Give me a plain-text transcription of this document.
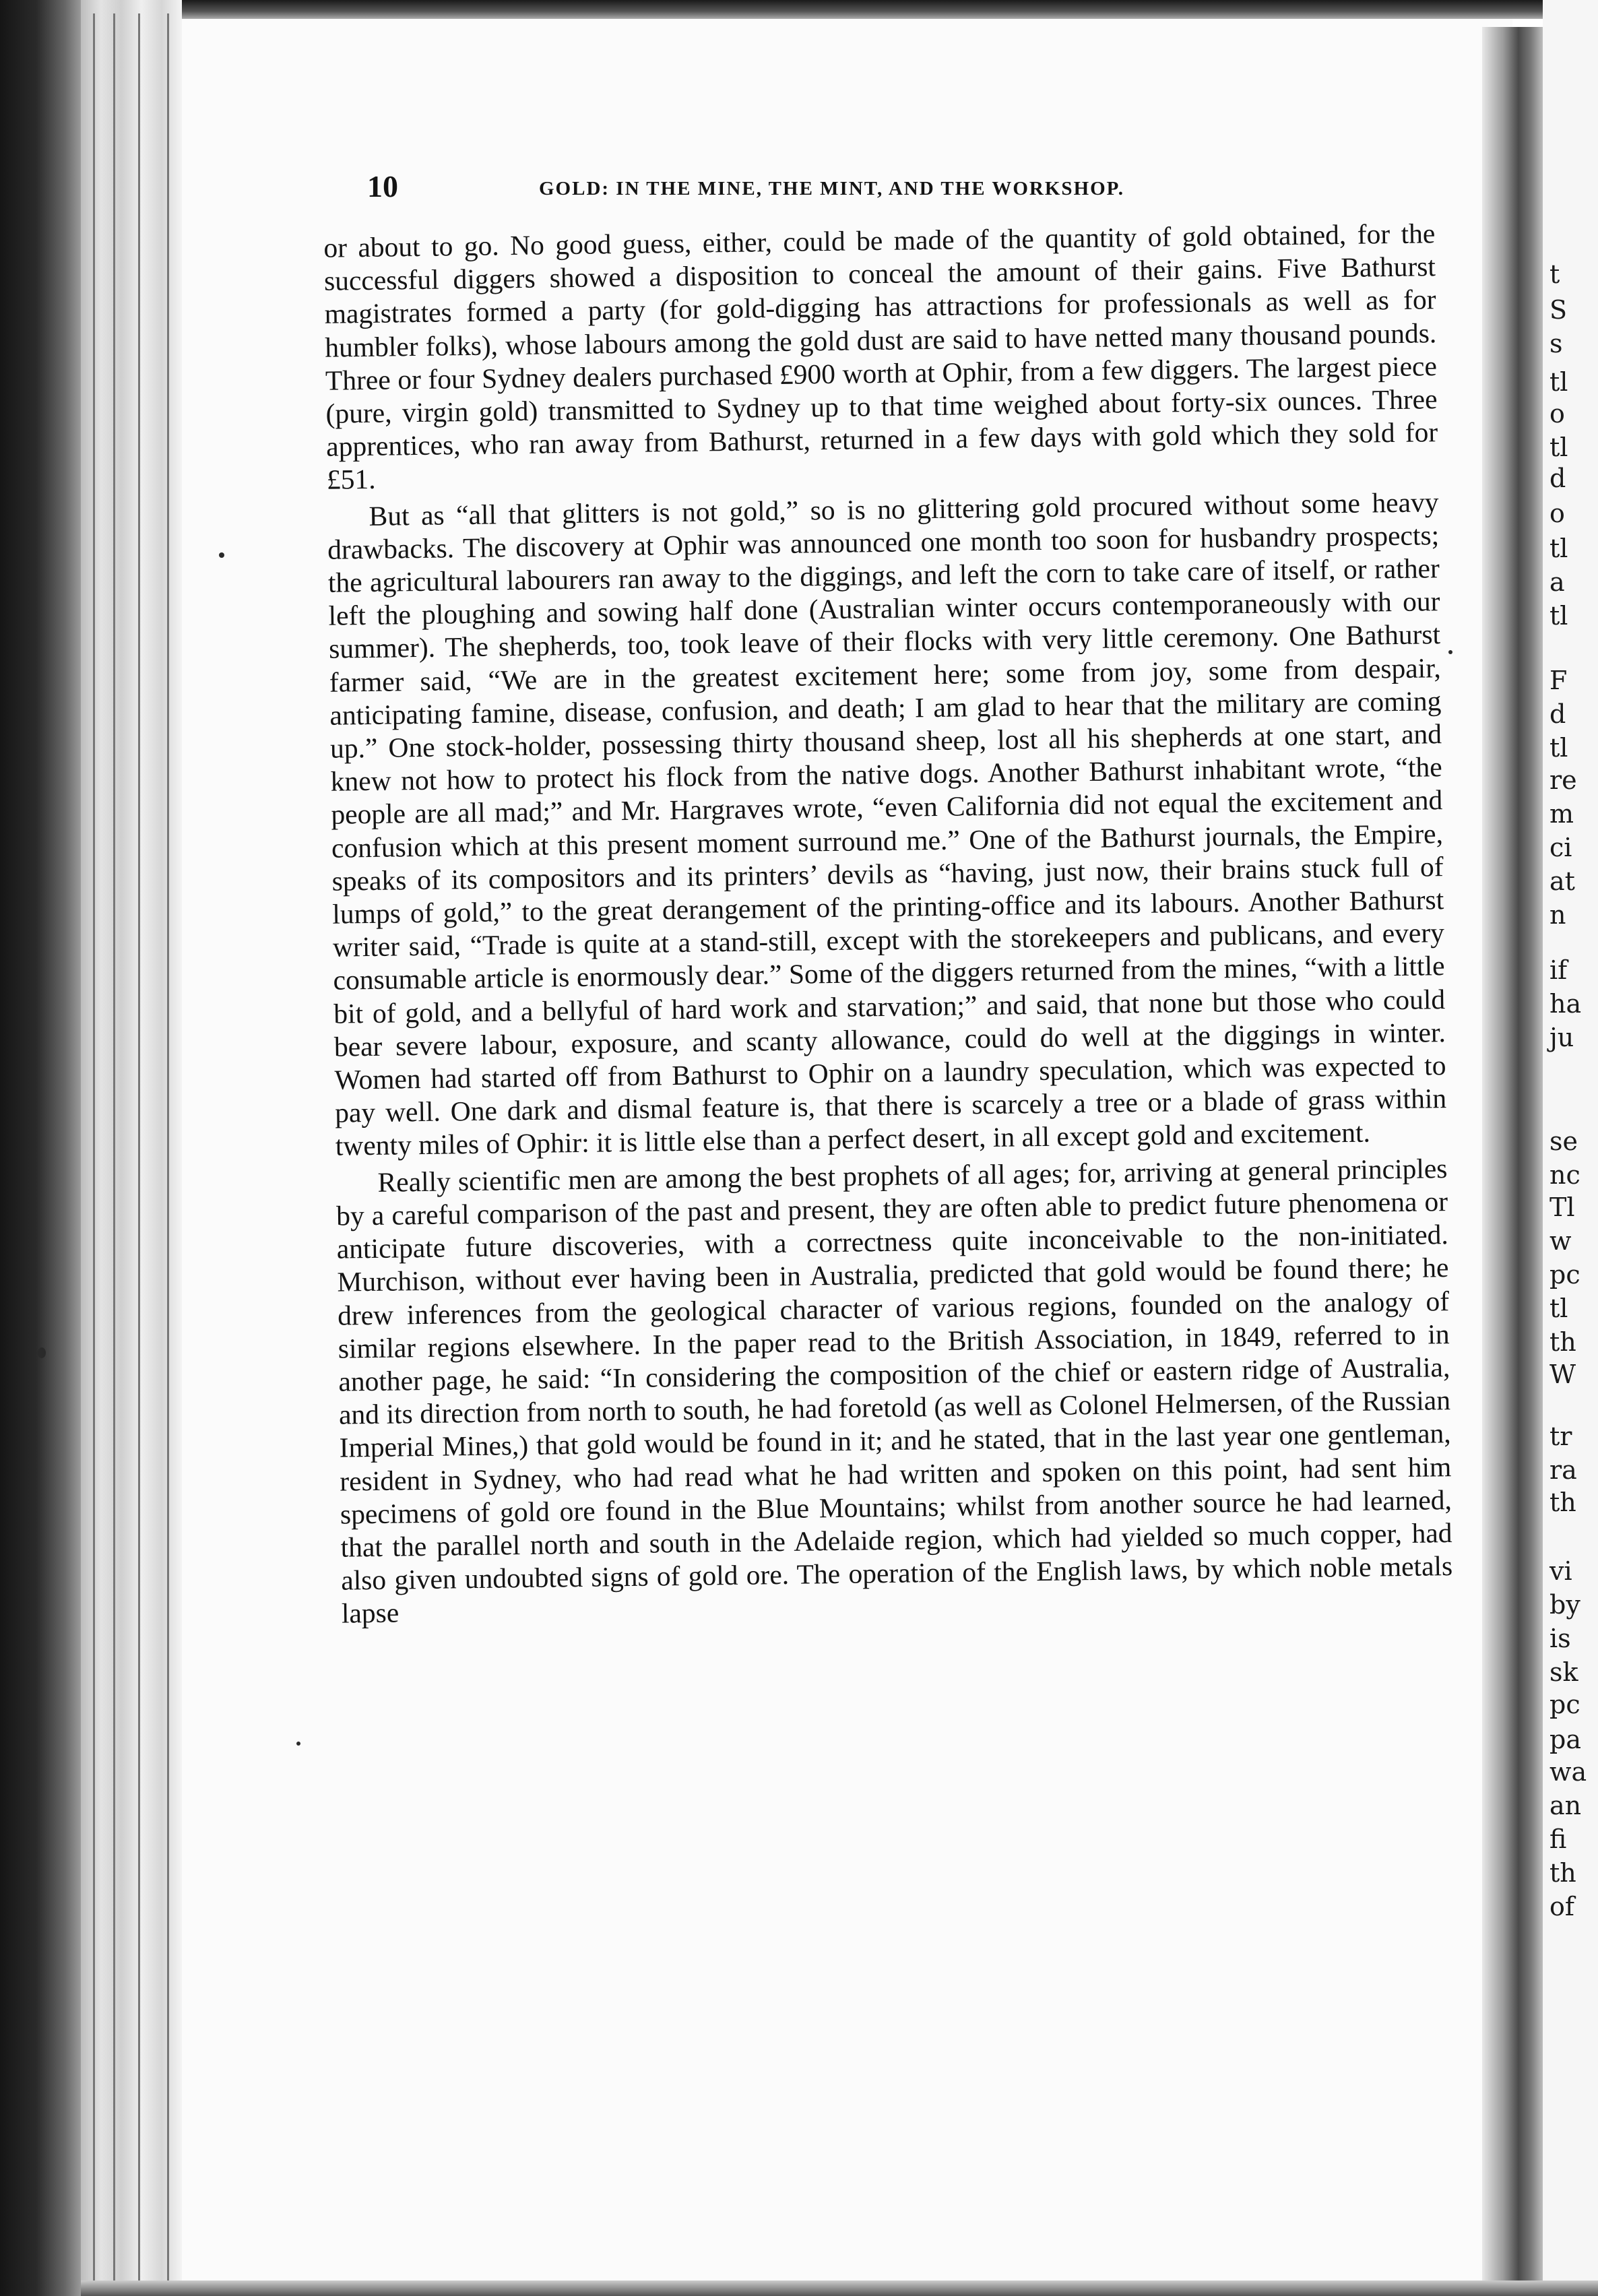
t
S
s
tl
o
tl
d
o
tl
a
tl
F
d
tl
re
m
ci
at
n
if
ha
ju
se
nc
Tl
w
pc
tl
th
W
tr
ra
th
vi
by
is
sk
pc
pa
wa
an
fi
th
of
10	GOLD: IN THE MINE, THE MINT, AND THE WORKSHOP.

or about to go. No good guess, either, could be made of the quantity of gold obtained, for the successful diggers showed a disposition to conceal the amount of their gains. Five Bathurst magistrates formed a party (for gold-digging has attractions for professionals as well as for humbler folks), whose labours among the gold dust are said to have netted many thousand pounds. Three or four Sydney dealers purchased £900 worth at Ophir, from a few diggers. The largest piece (pure, virgin gold) transmitted to Sydney up to that time weighed about forty-six ounces. Three apprentices, who ran away from Bathurst, returned in a few days with gold which they sold for £51.

But as “all that glitters is not gold,” so is no glittering gold procured without some heavy drawbacks. The discovery at Ophir was announced one month too soon for husbandry prospects; the agricultural labourers ran away to the diggings, and left the corn to take care of itself, or rather left the ploughing and sowing half done (Australian winter occurs contemporaneously with our summer). The shepherds, too, took leave of their flocks with very little ceremony. One Bathurst farmer said, “We are in the greatest excitement here; some from joy, some from despair, anticipating famine, disease, confusion, and death; I am glad to hear that the military are coming up.” One stock-holder, possessing thirty thousand sheep, lost all his shepherds at one start, and knew not how to protect his flock from the native dogs. Another Bathurst inhabitant wrote, “the people are all mad;” and Mr. Hargraves wrote, “even California did not equal the excitement and confusion which at this present moment surround me.” One of the Bathurst journals, the Empire, speaks of its compositors and its printers’ devils as “having, just now, their brains stuck full of lumps of gold,” to the great derangement of the printing-office and its labours. Another Bathurst writer said, “Trade is quite at a stand-still, except with the storekeepers and publicans, and every consumable article is enormously dear.” Some of the diggers returned from the mines, “with a little bit of gold, and a bellyful of hard work and starvation;” and said, that none but those who could bear severe labour, exposure, and scanty allowance, could do well at the diggings in winter. Women had started off from Bathurst to Ophir on a laundry speculation, which was expected to pay well. One dark and dismal feature is, that there is scarcely a tree or a blade of grass within twenty miles of Ophir: it is little else than a perfect desert, in all except gold and excitement.

Really scientific men are among the best prophets of all ages; for, arriving at general principles by a careful comparison of the past and present, they are often able to predict future phenomena or anticipate future discoveries, with a correctness quite inconceivable to the non-initiated. Murchison, without ever having been in Australia, predicted that gold would be found there; he drew inferences from the geological character of various regions, founded on the analogy of similar regions elsewhere. In the paper read to the British Association, in 1849, referred to in another page, he said: “In considering the composition of the chief or eastern ridge of Australia, and its direction from north to south, he had foretold (as well as Colonel Helmersen, of the Russian Imperial Mines,) that gold would be found in it; and he stated, that in the last year one gentleman, resident in Sydney, who had read what he had written and spoken on this point, had sent him specimens of gold ore found in the Blue Mountains; whilst from another source he had learned, that the parallel north and south in the Adelaide region, which had yielded so much copper, had also given undoubted signs of gold ore. The operation of the English laws, by which noble metals lapse
